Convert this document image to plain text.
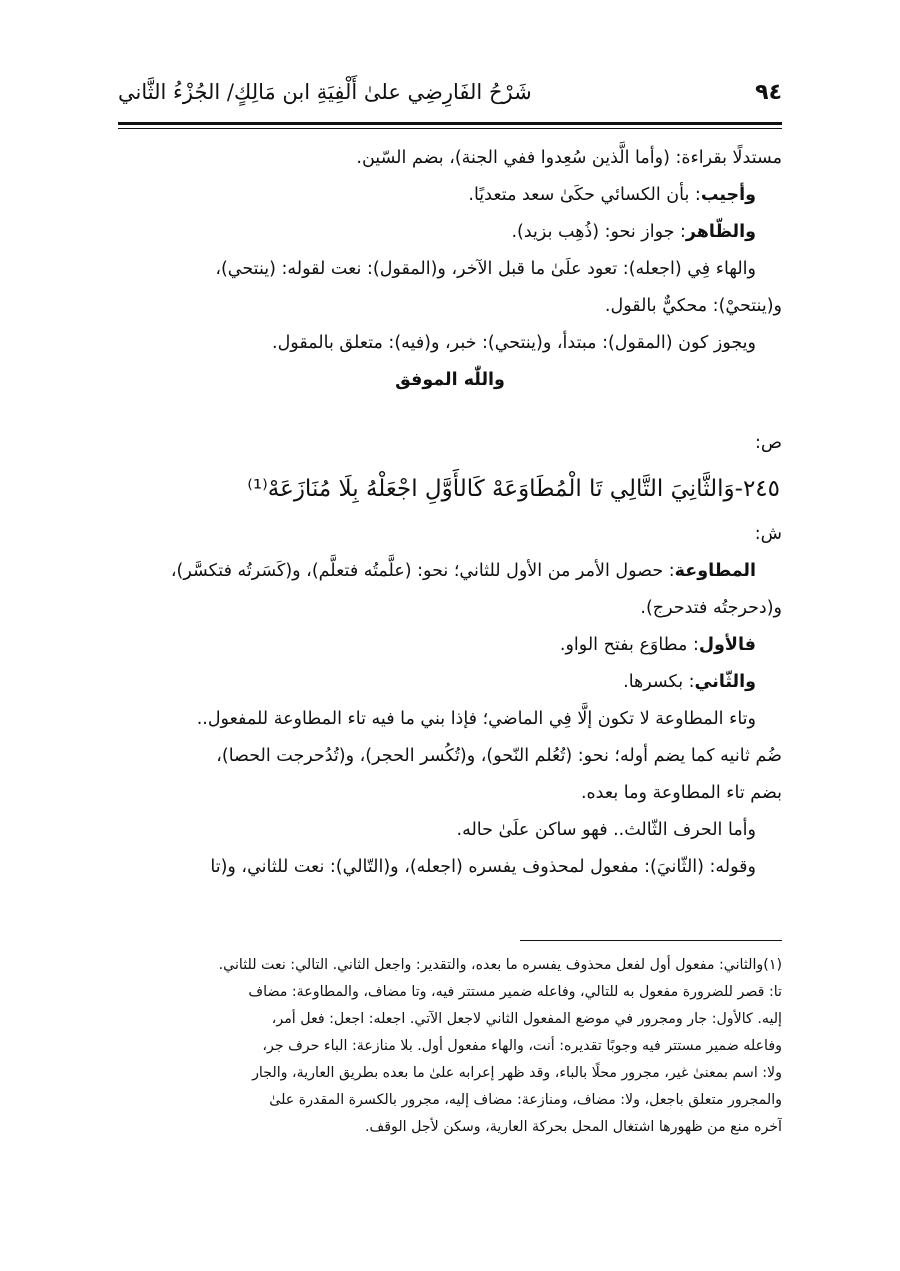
٩٤
شَرْحُ الفَارِضِي علىٰ أَلْفِيَةِ ابن مَالِكٍ/ الجُزْءُ الثَّاني
مستدلًا بقراءة: (وأما الَّذين سُعِدوا ففي الجنة)، بضم السّين.
وأجيب: بأن الكسائي حكَىٰ سعد متعديًا.
والظّاهر: جواز نحو: (ذُهِب بزيد).
والهاء فِي (اجعله): تعود علَىٰ ما قبل الآخر، و(المقول): نعت لقوله: (ينتحي)،
و(ينتحيْ): محكيٌّ بالقول.
ويجوز كون (المقول): مبتدأ، و(ينتحي): خبر، و(فيه): متعلق بالمقول.
واللّٰه الموفق
ص:
٢٤٥-وَالثَّانِيَ التَّالِي تَا الْمُطَاوَعَهْ كَالأَوَّلِ اجْعَلْهُ بِلَا مُنَازَعَهْ⁽¹⁾
ش:
المطاوعة: حصول الأمر من الأول للثاني؛ نحو: (علَّمتُه فتعلَّم)، و(كَسَرتُه فتكسَّر)،
و(دحرجتُه فتدحرج).
فالأول: مطاوَع بفتح الواو.
والثّاني: بكسرها.
وتاء المطاوعة لا تكون إلَّا فِي الماضي؛ فإذا بني ما فيه تاء المطاوعة للمفعول..
ضُم ثانيه كما يضم أوله؛ نحو: (تُعُلم النّحو)، و(تُكُسر الحجر)، و(تُدُحرجت الحصا)،
بضم تاء المطاوعة وما بعده.
وأما الحرف الثّالث.. فهو ساكن علَىٰ حاله.
وقوله: (الثّانيَ): مفعول لمحذوف يفسره (اجعله)، و(التّالي): نعت للثاني، و(تا
(١)والثاني: مفعول أول لفعل محذوف يفسره ما بعده، والتقدير: واجعل الثاني. التالي: نعت للثاني.
تا: قصر للضرورة مفعول به للتالي، وفاعله ضمير مستتر فيه، وتا مضاف، والمطاوعة: مضاف
إليه. كالأول: جار ومجرور في موضع المفعول الثاني لاجعل الآتي. اجعله: اجعل: فعل أمر،
وفاعله ضمير مستتر فيه وجوبًا تقديره: أنت، والهاء مفعول أول. بلا منازعة: الباء حرف جر،
ولا: اسم بمعنىٰ غير، مجرور محلًا بالباء، وقد ظهر إعرابه علىٰ ما بعده بطريق العارية، والجار
والمجرور متعلق باجعل، ولا: مضاف، ومنازعة: مضاف إليه، مجرور بالكسرة المقدرة علىٰ
آخره منع من ظهورها اشتغال المحل بحركة العارية، وسكن لأجل الوقف.
